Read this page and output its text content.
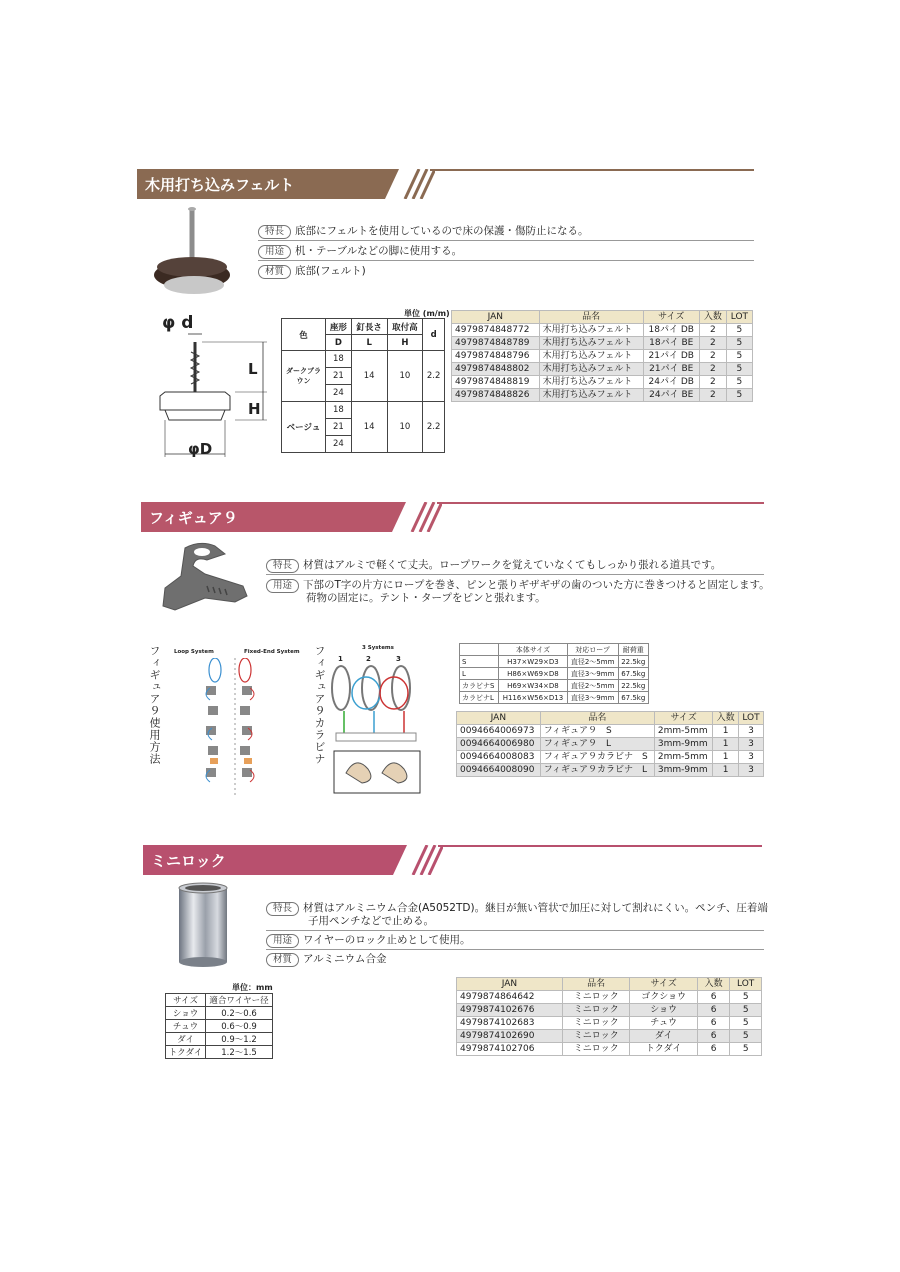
木用打ち込みフェルト
特長 底部にフェルトを使用しているので床の保護・傷防止になる。
用途 机・テーブルなどの脚に使用する。
材質 底部(フェルト)
φ d
L
H
φD
単位 (m/m)
色	座形	釘長さ	取付高	d
	D	L	H	
ダークブラウン	18	14	10	2.2
	21			
	24			
ベージュ	18	14	10	2.2
	21			
	24			
JAN	品名	サイズ	入数	LOT
4979874848772	木用打ち込みフェルト	18パイ DB	2	5
4979874848789	木用打ち込みフェルト	18パイ BE	2	5
4979874848796	木用打ち込みフェルト	21パイ DB	2	5
4979874848802	木用打ち込みフェルト	21パイ BE	2	5
4979874848819	木用打ち込みフェルト	24パイ DB	2	5
4979874848826	木用打ち込みフェルト	24パイ BE	2	5
フィギュア９
特長 材質はアルミで軽くて丈夫。ロープワークを覚えていなくてもしっかり張れる道具です。
用途 下部のT字の片方にロープを巻き、ピンと張りギザギザの歯のついた方に巻きつけると固定します。
荷物の固定に。テント・タープをピンと張れます。
フィギュア９使用方法 Loop System	Fixed-End System フィギュア９カラビナ	3 Systems
1	2	3
	本体サイズ	対応ロープ	耐荷重
S	H37×W29×D3	直径2〜5mm	22.5kg
L	H86×W69×D8	直径3〜9mm	67.5kg
カラビナS	H69×W34×D8	直径2〜5mm	22.5kg
カラビナL	H116×W56×D13	直径3〜9mm	67.5kg
JAN	品名	サイズ	入数	LOT
0094664006973	フィギュア９　S	2mm-5mm	1	3
0094664006980	フィギュア９　L	3mm-9mm	1	3
0094664008083	フィギュア９カラビナ　S	2mm-5mm	1	3
0094664008090	フィギュア９カラビナ　L	3mm-9mm	1	3
ミニロック
特長 材質はアルミニウム合金(A5052TD)。継目が無い管状で加圧に対して割れにくい。ペンチ、圧着端
子用ペンチなどで止める。
用途 ワイヤーのロック止めとして使用。
材質 アルミニウム合金
単位：mm
サイズ	適合ワイヤー径
ショウ	0.2〜0.6
チュウ	0.6〜0.9
ダイ	0.9〜1.2
トクダイ	1.2〜1.5
JAN	品名	サイズ	入数	LOT
4979874864642	ミニロック	ゴクショウ	6	5
4979874102676	ミニロック	ショウ	6	5
4979874102683	ミニロック	チュウ	6	5
4979874102690	ミニロック	ダイ	6	5
4979874102706	ミニロック	トクダイ	6	5
